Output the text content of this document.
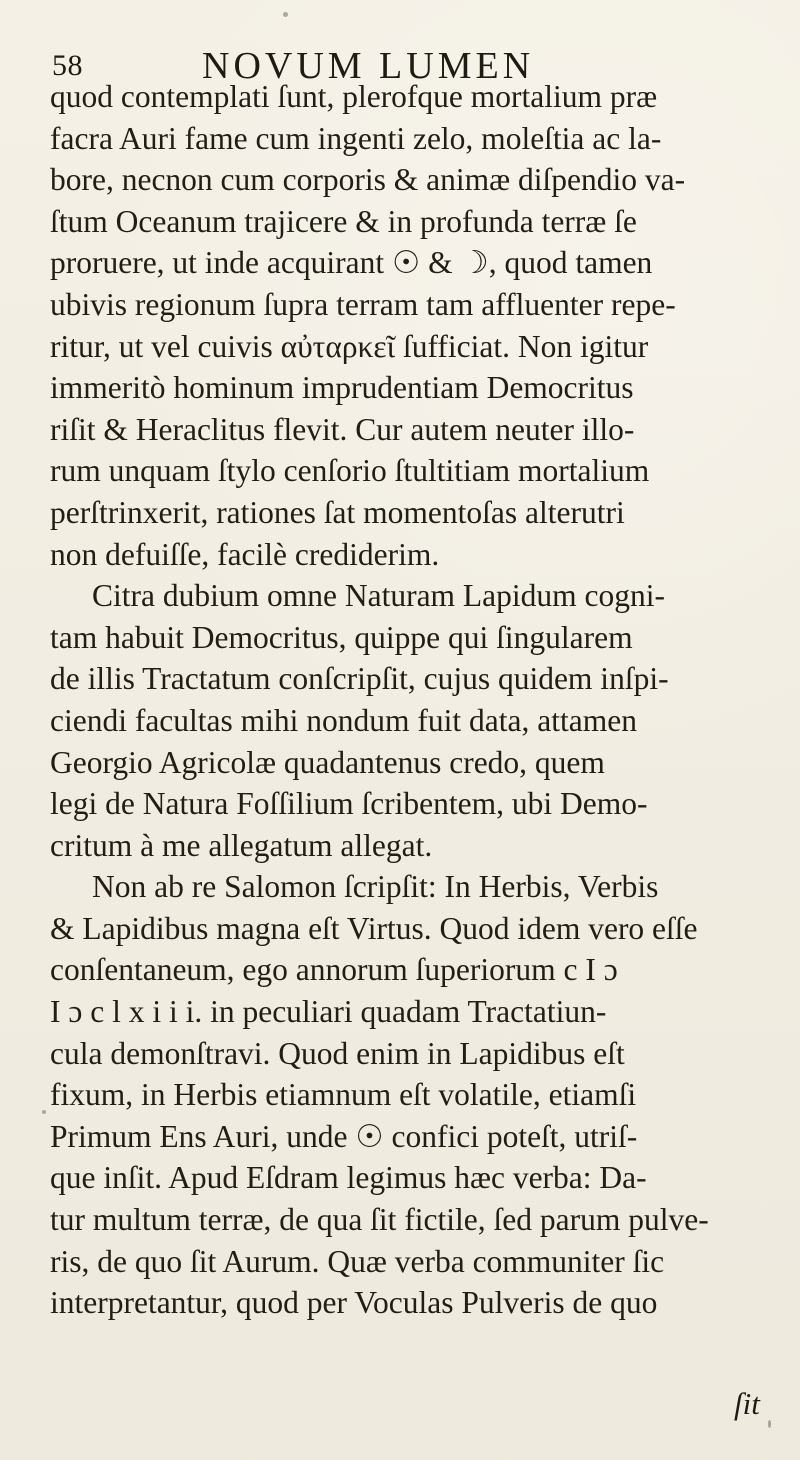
58	NOVUM LUMEN
quod contemplati ſunt, plerofque mortalium præ
facra Auri fame cum ingenti zelo, moleſtia ac la-
bore, necnon cum corporis & animæ diſpendio va-
ſtum Oceanum trajicere & in profunda terræ ſe
proruere, ut inde acquirant ☉ & ☽, quod tamen
ubivis regionum ſupra terram tam affluenter repe-
ritur, ut vel cuivis αὐταρκεῖ ſufficiat. Non igitur
immeritò hominum imprudentiam Democritus
riſit & Heraclitus flevit. Cur autem neuter illo-
rum unquam ſtylo cenſorio ſtultitiam mortalium
perſtrinxerit, rationes ſat momentoſas alterutri
non defuiſſe, facilè crediderim.
Citra dubium omne Naturam Lapidum cogni-
tam habuit Democritus, quippe qui ſingularem
de illis Tractatum conſcripſit, cujus quidem inſpi-
ciendi facultas mihi nondum fuit data, attamen
Georgio Agricolæ quadantenus credo, quem
legi de Natura Foſſilium ſcribentem, ubi Demo-
critum à me allegatum allegat.
Non ab re Salomon ſcripſit: In Herbis, Verbis
& Lapidibus magna eſt Virtus. Quod idem vero eſſe
conſentaneum, ego annorum ſuperiorum c I ɔ
I ɔ c l x i i i. in peculiari quadam Tractatiun-
cula demonſtravi. Quod enim in Lapidibus eſt
fixum, in Herbis etiamnum eſt volatile, etiamſi
Primum Ens Auri, unde ☉ confici poteſt, utriſ-
que inſit. Apud Eſdram legimus hæc verba: Da-
tur multum terræ, de qua ſit fictile, ſed parum pulve-
ris, de quo ſit Aurum. Quæ verba communiter ſic
interpretantur, quod per Voculas Pulveris de quo
ſit
